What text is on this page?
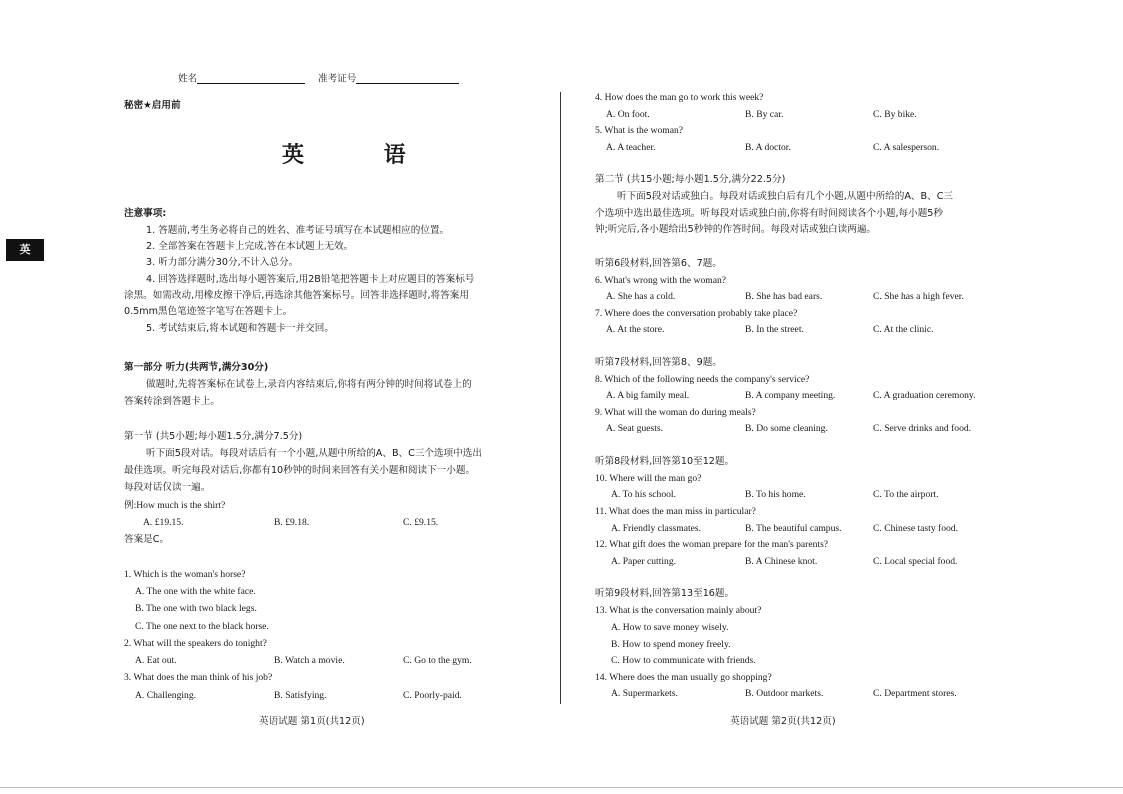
英
姓名	准考证号
秘密★启用前
英 语
注意事项:
1. 答题前,考生务必将自己的姓名、准考证号填写在本试题相应的位置。
2. 全部答案在答题卡上完成,答在本试题上无效。
3. 听力部分满分30分,不计入总分。
4. 回答选择题时,选出每小题答案后,用2B铅笔把答题卡上对应题目的答案标号
涂黑。如需改动,用橡皮擦干净后,再选涂其他答案标号。回答非选择题时,将答案用
0.5mm黑色笔迹签字笔写在答题卡上。
5. 考试结束后,将本试题和答题卡一并交回。
第一部分 听力(共两节,满分30分)
做题时,先将答案标在试卷上,录音内容结束后,你将有两分钟的时间将试卷上的
答案转涂到答题卡上。
第一节 (共5小题;每小题1.5分,满分7.5分)
听下面5段对话。每段对话后有一个小题,从题中所给的A、B、C三个选项中选出
最佳选项。听完每段对话后,你都有10秒钟的时间来回答有关小题和阅读下一小题。
每段对话仅读一遍。
例:How much is the shirt?
A. £19.15.	B. £9.18.	C. £9.15.
答案是C。
1. Which is the woman's horse?
A. The one with the white face.
B. The one with two black legs.
C. The one next to the black horse.
2. What will the speakers do tonight?
A. Eat out.	B. Watch a movie.	C. Go to the gym.
3. What does the man think of his job?
A. Challenging.	B. Satisfying.	C. Poorly-paid.
英语试题 第1页(共12页)
4. How does the man go to work this week?
A. On foot.	B. By car.	C. By bike.
5. What is the woman?
A. A teacher.	B. A doctor.	C. A salesperson.
第二节 (共15小题;每小题1.5分,满分22.5分)
听下面5段对话或独白。每段对话或独白后有几个小题,从题中所给的A、B、C三
个选项中选出最佳选项。听每段对话或独白前,你将有时间阅读各个小题,每小题5秒
钟;听完后,各小题给出5秒钟的作答时间。每段对话或独白读两遍。
听第6段材料,回答第6、7题。
6. What's wrong with the woman?
A. She has a cold.	B. She has bad ears.	C. She has a high fever.
7. Where does the conversation probably take place?
A. At the store.	B. In the street.	C. At the clinic.
听第7段材料,回答第8、9题。
8. Which of the following needs the company's service?
A. A big family meal.	B. A company meeting.	C. A graduation ceremony.
9. What will the woman do during meals?
A. Seat guests.	B. Do some cleaning.	C. Serve drinks and food.
听第8段材料,回答第10至12题。
10. Where will the man go?
A. To his school.	B. To his home.	C. To the airport.
11. What does the man miss in particular?
A. Friendly classmates.	B. The beautiful campus.	C. Chinese tasty food.
12. What gift does the woman prepare for the man's parents?
A. Paper cutting.	B. A Chinese knot.	C. Local special food.
听第9段材料,回答第13至16题。
13. What is the conversation mainly about?
A. How to save money wisely.
B. How to spend money freely.
C. How to communicate with friends.
14. Where does the man usually go shopping?
A. Supermarkets.	B. Outdoor markets.	C. Department stores.
英语试题 第2页(共12页)
